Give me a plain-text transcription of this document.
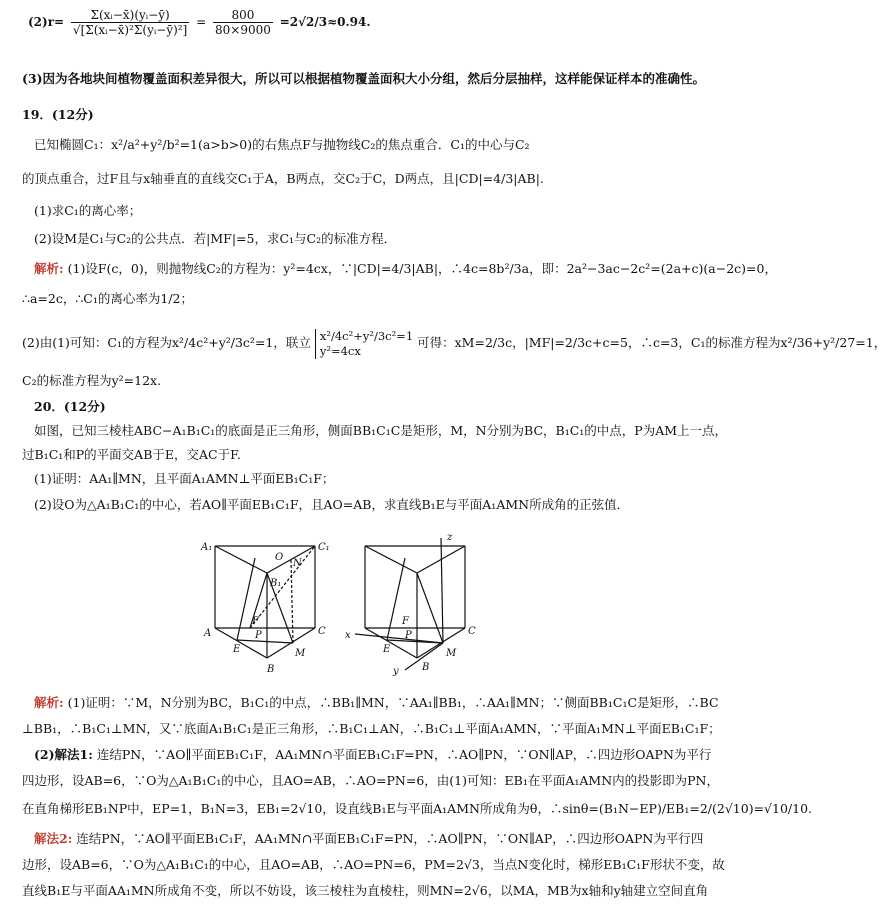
$(2)r= \frac{\text{Σ(xᵢ−x̄)(yᵢ−ȳ)}}{\text{√[Σ(xᵢ−x̄)²Σ(yᵢ−ȳ)²]}} = \frac{800}{80\times 9000} =2√2/3\approx 0.94$.
(3)因为各地块间植物覆盖面积差异很大，所以可以根据植物覆盖面积大小分组，然后分层抽样，这样能保证样本的准确性。
19．(12分)
已知椭圆C₁：x²/a²+y²/b²=1(a>b>0)的右焦点F与抛物线C₂的焦点重合．C₁的中心与C₂
的顶点重合，过F且与x轴垂直的直线交C₁于A，B两点，交C₂于C，D两点，且|CD|=4/3|AB|.
(1)求C₁的离心率；
(2)设M是C₁与C₂的公共点．若|MF|=5，求C₁与C₂的标准方程．
解析: (1)设F(c，0)，则抛物线C₂的方程为：y²=4cx，∵|CD|=4/3|AB|，∴4c=8b²/3a，即：2a²−3ac−2c²=(2a+c)(a−2c)=0，
∴a=2c，∴C₁的离心率为1/2；
(2)由(1)可知：C₁的方程为x²/4c²+y²/3c²=1，联立 x²/4c²+y²/3c²=1
y²=4cx
可得：xM=2/3c，|MF|=2/3c+c=5，∴c=3，C₁的标准方程为x²/36+y²/27=1，
C₂的标准方程为y²=12x.
20．(12分)
如图，已知三棱柱ABC−A₁B₁C₁的底面是正三角形，侧面BB₁C₁C是矩形，M，N分别为BC，B₁C₁的中点，P为AM上一点，
过B₁C₁和P的平面交AB于E，交AC于F.
(1)证明：AA₁∥MN，且平面A₁AMN⊥平面EB₁C₁F；
(2)设O为△A₁B₁C₁的中心，若AO∥平面EB₁C₁F，且AO=AB，求直线B₁E与平面A₁AMN所成角的正弦值．
A₁
O
N
C₁
B₁
A
F
P	C
E	M
B
z
F
P
E
C
M
B
x
y
解析: (1)证明：∵M，N分别为BC，B₁C₁的中点，∴BB₁∥MN，∵AA₁∥BB₁，∴AA₁∥MN；∵侧面BB₁C₁C是矩形，∴BC
⊥BB₁，∴B₁C₁⊥MN，又∵底面A₁B₁C₁是正三角形，∴B₁C₁⊥AN，∴B₁C₁⊥平面A₁AMN，∵平面A₁MN⊥平面EB₁C₁F；
(2)解法1: 连结PN，∵AO∥平面EB₁C₁F，AA₁MN∩平面EB₁C₁F=PN，∴AO∥PN，∵ON∥AP，∴四边形OAPN为平行
四边形，设AB=6，∵O为△A₁B₁C₁的中心，且AO=AB，∴AO=PN=6，由(1)可知：EB₁在平面A₁AMN内的投影即为PN，
在直角梯形EB₁NP中，EP=1，B₁N=3，EB₁=2√10，设直线B₁E与平面A₁AMN所成角为θ，∴sinθ=(B₁N−EP)/EB₁=2/(2√10)=√10/10.
解法2: 连结PN，∵AO∥平面EB₁C₁F，AA₁MN∩平面EB₁C₁F=PN，∴AO∥PN，∵ON∥AP，∴四边形OAPN为平行四
边形，设AB=6，∵O为△A₁B₁C₁的中心，且AO=AB，∴AO=PN=6，PM=2√3，当点N变化时，梯形EB₁C₁F形状不变，故
直线B₁E与平面AA₁MN所成角不变，所以不妨设，该三棱柱为直棱柱，则MN=2√6，以MA，MB为x轴和y轴建立空间直角
